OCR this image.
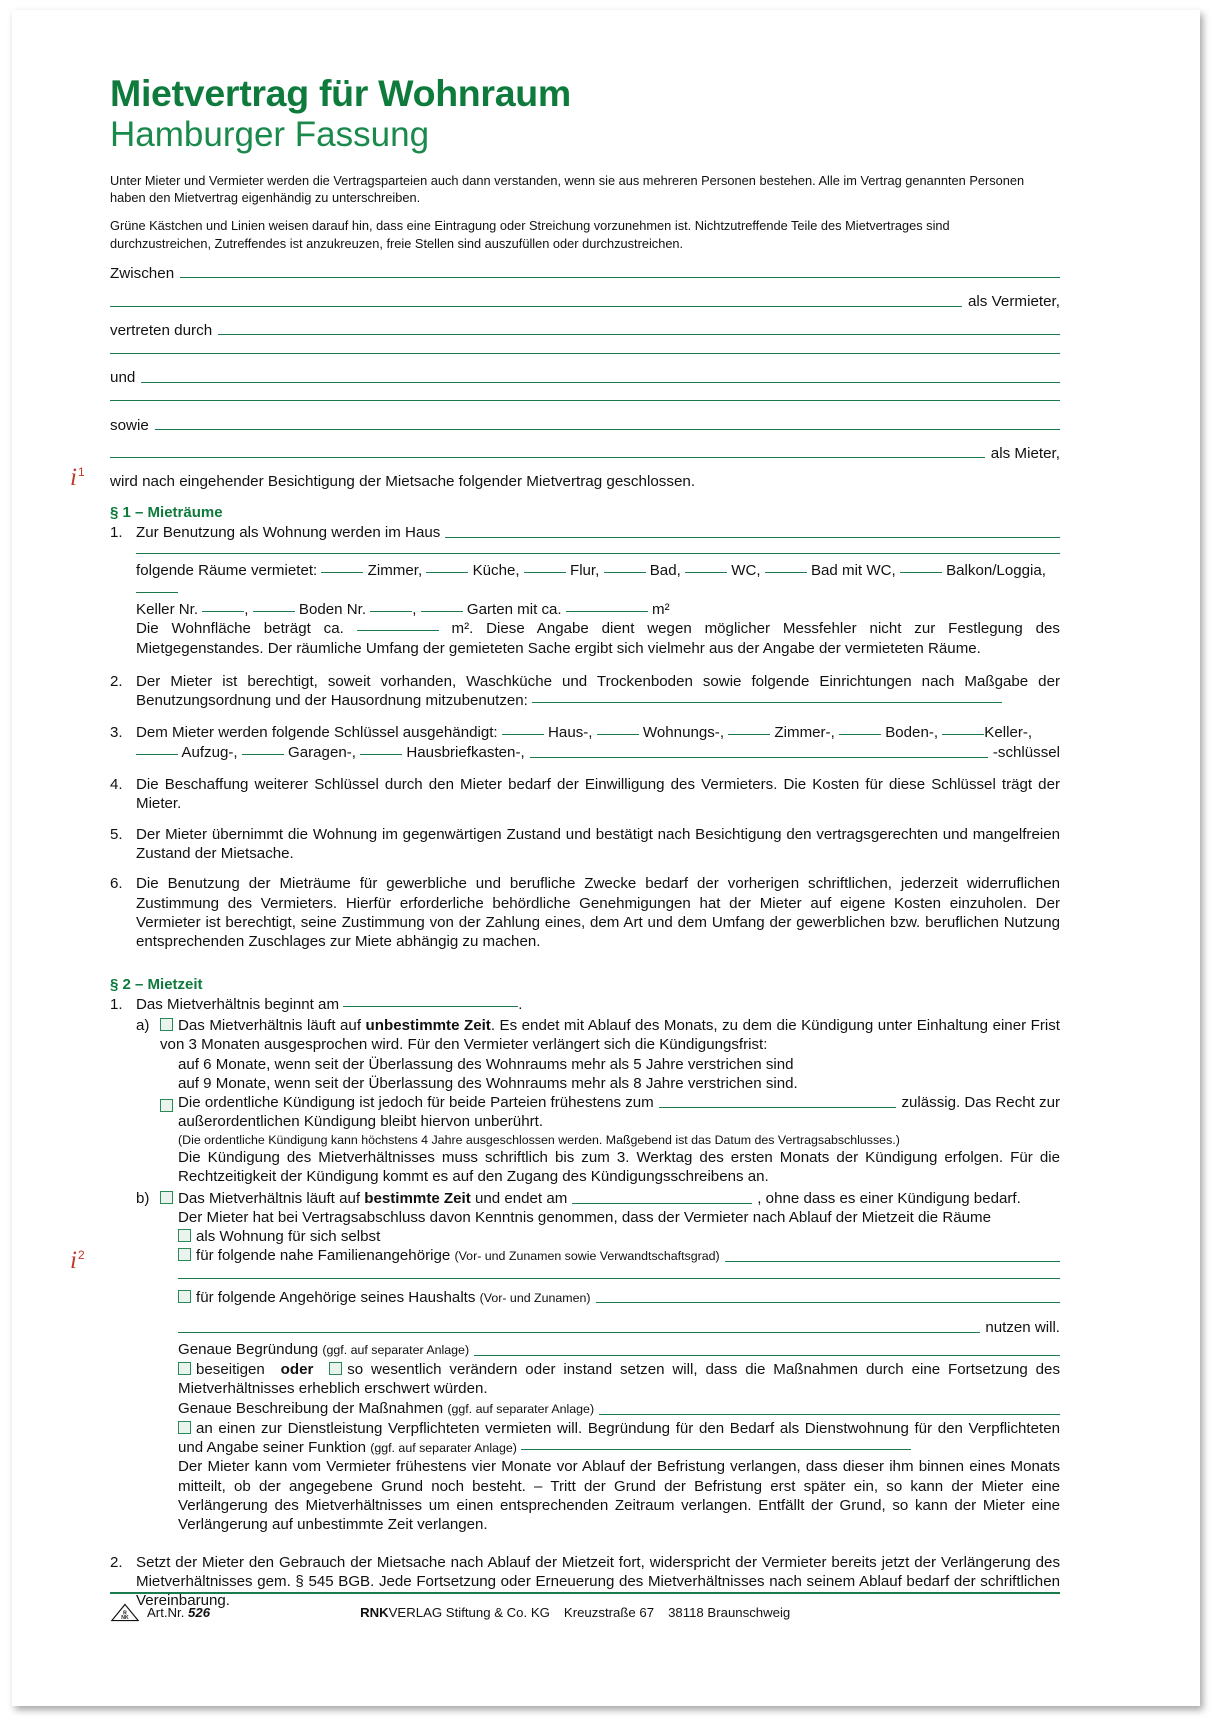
Mietvertrag für Wohnraum
Hamburger Fassung

Unter Mieter und Vermieter werden die Vertragsparteien auch dann verstanden, wenn sie aus mehreren Personen bestehen. Alle im Vertrag genannten Personen haben den Mietvertrag eigenhändig zu unterschreiben.

Grüne Kästchen und Linien weisen darauf hin, dass eine Eintragung oder Streichung vorzunehmen ist. Nichtzutreffende Teile des Mietvertrages sind durchzustreichen, Zutreffendes ist anzukreuzen, freie Stellen sind auszufüllen oder durchzustreichen.

Zwischen
als Vermieter,
vertreten durch
und
sowie
als Mieter,
wird nach eingehender Besichtigung der Mietsache folgender Mietvertrag geschlossen.
§ 1 – Mieträume
1. Zur Benutzung als Wohnung werden im Haus
folgende Räume vermietet:	Zimmer,	Küche,	Flur,	Bad,	WC,	Bad mit WC,	Balkon/Loggia,
Keller Nr.	,	Boden Nr.	,	Garten mit ca.	m²
Die Wohnfläche beträgt ca.	m². Diese Angabe dient wegen möglicher Messfehler nicht zur Festlegung des Mietgegenstandes. Der räumliche Umfang der gemieteten Sache ergibt sich vielmehr aus der Angabe der vermieteten Räume.
2. Der Mieter ist berechtigt, soweit vorhanden, Waschküche und Trockenboden sowie folgende Einrichtungen nach Maßgabe der Benutzungsordnung und der Hausordnung mitzubenutzen:
3. Dem Mieter werden folgende Schlüssel ausgehändigt:	Haus-,	Wohnungs-,	Zimmer-,	Boden-,	Keller-,
Aufzug-,	Garagen-,	Hausbriefkasten-,	-schlüssel
4. Die Beschaffung weiterer Schlüssel durch den Mieter bedarf der Einwilligung des Vermieters. Die Kosten für diese Schlüssel trägt der Mieter.
5. Der Mieter übernimmt die Wohnung im gegenwärtigen Zustand und bestätigt nach Besichtigung den vertragsgerechten und mangelfreien Zustand der Mietsache.
6. Die Benutzung der Mieträume für gewerbliche und berufliche Zwecke bedarf der vorherigen schriftlichen, jederzeit widerruflichen Zustimmung des Vermieters. Hierfür erforderliche behördliche Genehmigungen hat der Mieter auf eigene Kosten einzuholen. Der Vermieter ist berechtigt, seine Zustimmung von der Zahlung eines, dem Art und dem Umfang der gewerblichen bzw. beruflichen Nutzung entsprechenden Zuschlages zur Miete abhängig zu machen.
§ 2 – Mietzeit
1. Das Mietverhältnis beginnt am	.
a)	Das Mietverhältnis läuft auf unbestimmte Zeit. Es endet mit Ablauf des Monats, zu dem die Kündigung unter Einhaltung einer Frist von 3 Monaten ausgesprochen wird. Für den Vermieter verlängert sich die Kündigungsfrist:
auf 6 Monate, wenn seit der Überlassung des Wohnraums mehr als 5 Jahre verstrichen sind
auf 9 Monate, wenn seit der Überlassung des Wohnraums mehr als 8 Jahre verstrichen sind.
Die ordentliche Kündigung ist jedoch für beide Parteien frühestens zum	zulässig. Das Recht zur
außerordentlichen Kündigung bleibt hiervon unberührt.
(Die ordentliche Kündigung kann höchstens 4 Jahre ausgeschlossen werden. Maßgebend ist das Datum des Vertragsabschlusses.)
Die Kündigung des Mietverhältnisses muss schriftlich bis zum 3. Werktag des ersten Monats der Kündigung erfolgen. Für die Rechtzeitigkeit der Kündigung kommt es auf den Zugang des Kündigungsschreibens an.
b)	Das Mietverhältnis läuft auf bestimmte Zeit und endet am	, ohne dass es einer Kündigung bedarf.
Der Mieter hat bei Vertragsabschluss davon Kenntnis genommen, dass der Vermieter nach Ablauf der Mietzeit die Räume
als Wohnung für sich selbst
für folgende nahe Familienangehörige (Vor- und Zunamen sowie Verwandtschaftsgrad)
für folgende Angehörige seines Haushalts (Vor- und Zunamen)
nutzen will.
Genaue Begründung (ggf. auf separater Anlage)
beseitigen oder so wesentlich verändern oder instand setzen will, dass die Maßnahmen durch eine Fortsetzung des Mietverhältnisses erheblich erschwert würden.
Genaue Beschreibung der Maßnahmen (ggf. auf separater Anlage)
an einen zur Dienstleistung Verpflichteten vermieten will. Begründung für den Bedarf als Dienstwohnung für den Verpflichteten und Angabe seiner Funktion (ggf. auf separater Anlage)
Der Mieter kann vom Vermieter frühestens vier Monate vor Ablauf der Befristung verlangen, dass dieser ihm binnen eines Monats mitteilt, ob der angegebene Grund noch besteht. – Tritt der Grund der Befristung erst später ein, so kann der Mieter eine Verlängerung des Mietverhältnisses um einen entsprechenden Zeitraum verlangen. Entfällt der Grund, so kann der Mieter eine Verlängerung auf unbestimmte Zeit verlangen.
2. Setzt der Mieter den Gebrauch der Mietsache nach Ablauf der Mietzeit fort, widerspricht der Vermieter bereits jetzt der Verlängerung des Mietverhältnisses gem. § 545 BGB. Jede Fortsetzung oder Erneuerung des Mietverhältnisses nach seinem Ablauf bedarf der schriftlichen Vereinbarung.
$i^1$
$i^2$
R
NK Art.Nr. 526	RNKVERLAG Stiftung & Co. KG Kreuzstraße 67 38118 Braunschweig
